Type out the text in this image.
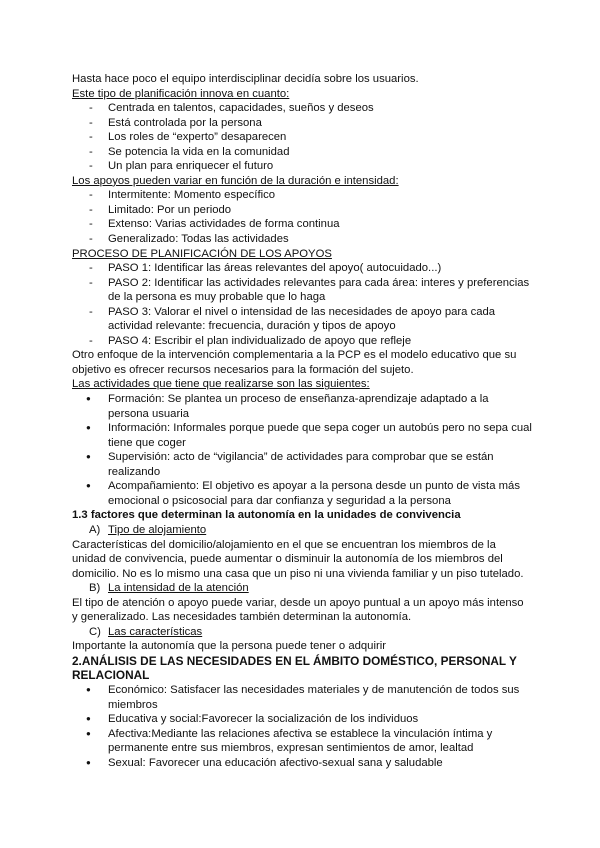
Hasta hace poco el equipo interdisciplinar decidía sobre los usuarios.

Este tipo de planificación innova en cuanto:

- Centrada en talentos, capacidades, sueños y deseos
- Está controlada por la persona
- Los roles de “experto” desaparecen
- Se potencia la vida en la comunidad
- Un plan para enriquecer el futuro

Los apoyos pueden variar en función de la duración e intensidad:

- Intermitente: Momento específico
- Limitado: Por un periodo
- Extenso: Varias actividades de forma continua
- Generalizado: Todas las actividades

PROCESO DE PLANIFICACIÓN DE LOS APOYOS

- PASO 1: Identificar las áreas relevantes del apoyo( autocuidado...)
- PASO 2: Identificar las actividades relevantes para cada área: interes y preferencias de la persona es muy probable que lo haga
- PASO 3: Valorar el nivel o intensidad de las necesidades de apoyo para cada actividad relevante: frecuencia, duración y tipos de apoyo
- PASO 4: Escribir el plan individualizado de apoyo que refleje

Otro enfoque de la intervención complementaria a la PCP es el modelo educativo que su objetivo es ofrecer recursos necesarios para la formación del sujeto.

Las actividades que tiene que realizarse son las siguientes:

● Formación: Se plantea un proceso de enseñanza-aprendizaje adaptado a la persona usuaria
● Información: Informales porque puede que sepa coger un autobús pero no sepa cual tiene que coger
● Supervisión: acto de “vigilancia” de actividades para comprobar que se están realizando
● Acompañamiento: El objetivo es apoyar a la persona desde un punto de vista más emocional o psicosocial para dar confianza y seguridad a la persona

1.3 factores que determinan la autonomía en la unidades de convivencia

A) Tipo de alojamiento

Características del domicilio/alojamiento en el que se encuentran los miembros de la unidad de convivencia, puede aumentar o disminuir la autonomía de los miembros del domicilio. No es lo mismo una casa que un piso ni una vivienda familiar y un piso tutelado.

B) La intensidad de la atención

El tipo de atención o apoyo puede variar, desde un apoyo puntual a un apoyo más intenso y generalizado. Las necesidades también determinan la autonomía.

C) Las características

Importante la autonomía que la persona puede tener o adquirir

2.ANÁLISIS DE LAS NECESIDADES EN EL ÁMBITO DOMÉSTICO, PERSONAL Y RELACIONAL

● Económico: Satisfacer las necesidades materiales y de manutención de todos sus miembros
● Educativa y social:Favorecer la socialización de los individuos
● Afectiva:Mediante las relaciones afectiva se establece la vinculación íntima y permanente entre sus miembros, expresan sentimientos de amor, lealtad
● Sexual: Favorecer una educación afectivo-sexual sana y saludable
